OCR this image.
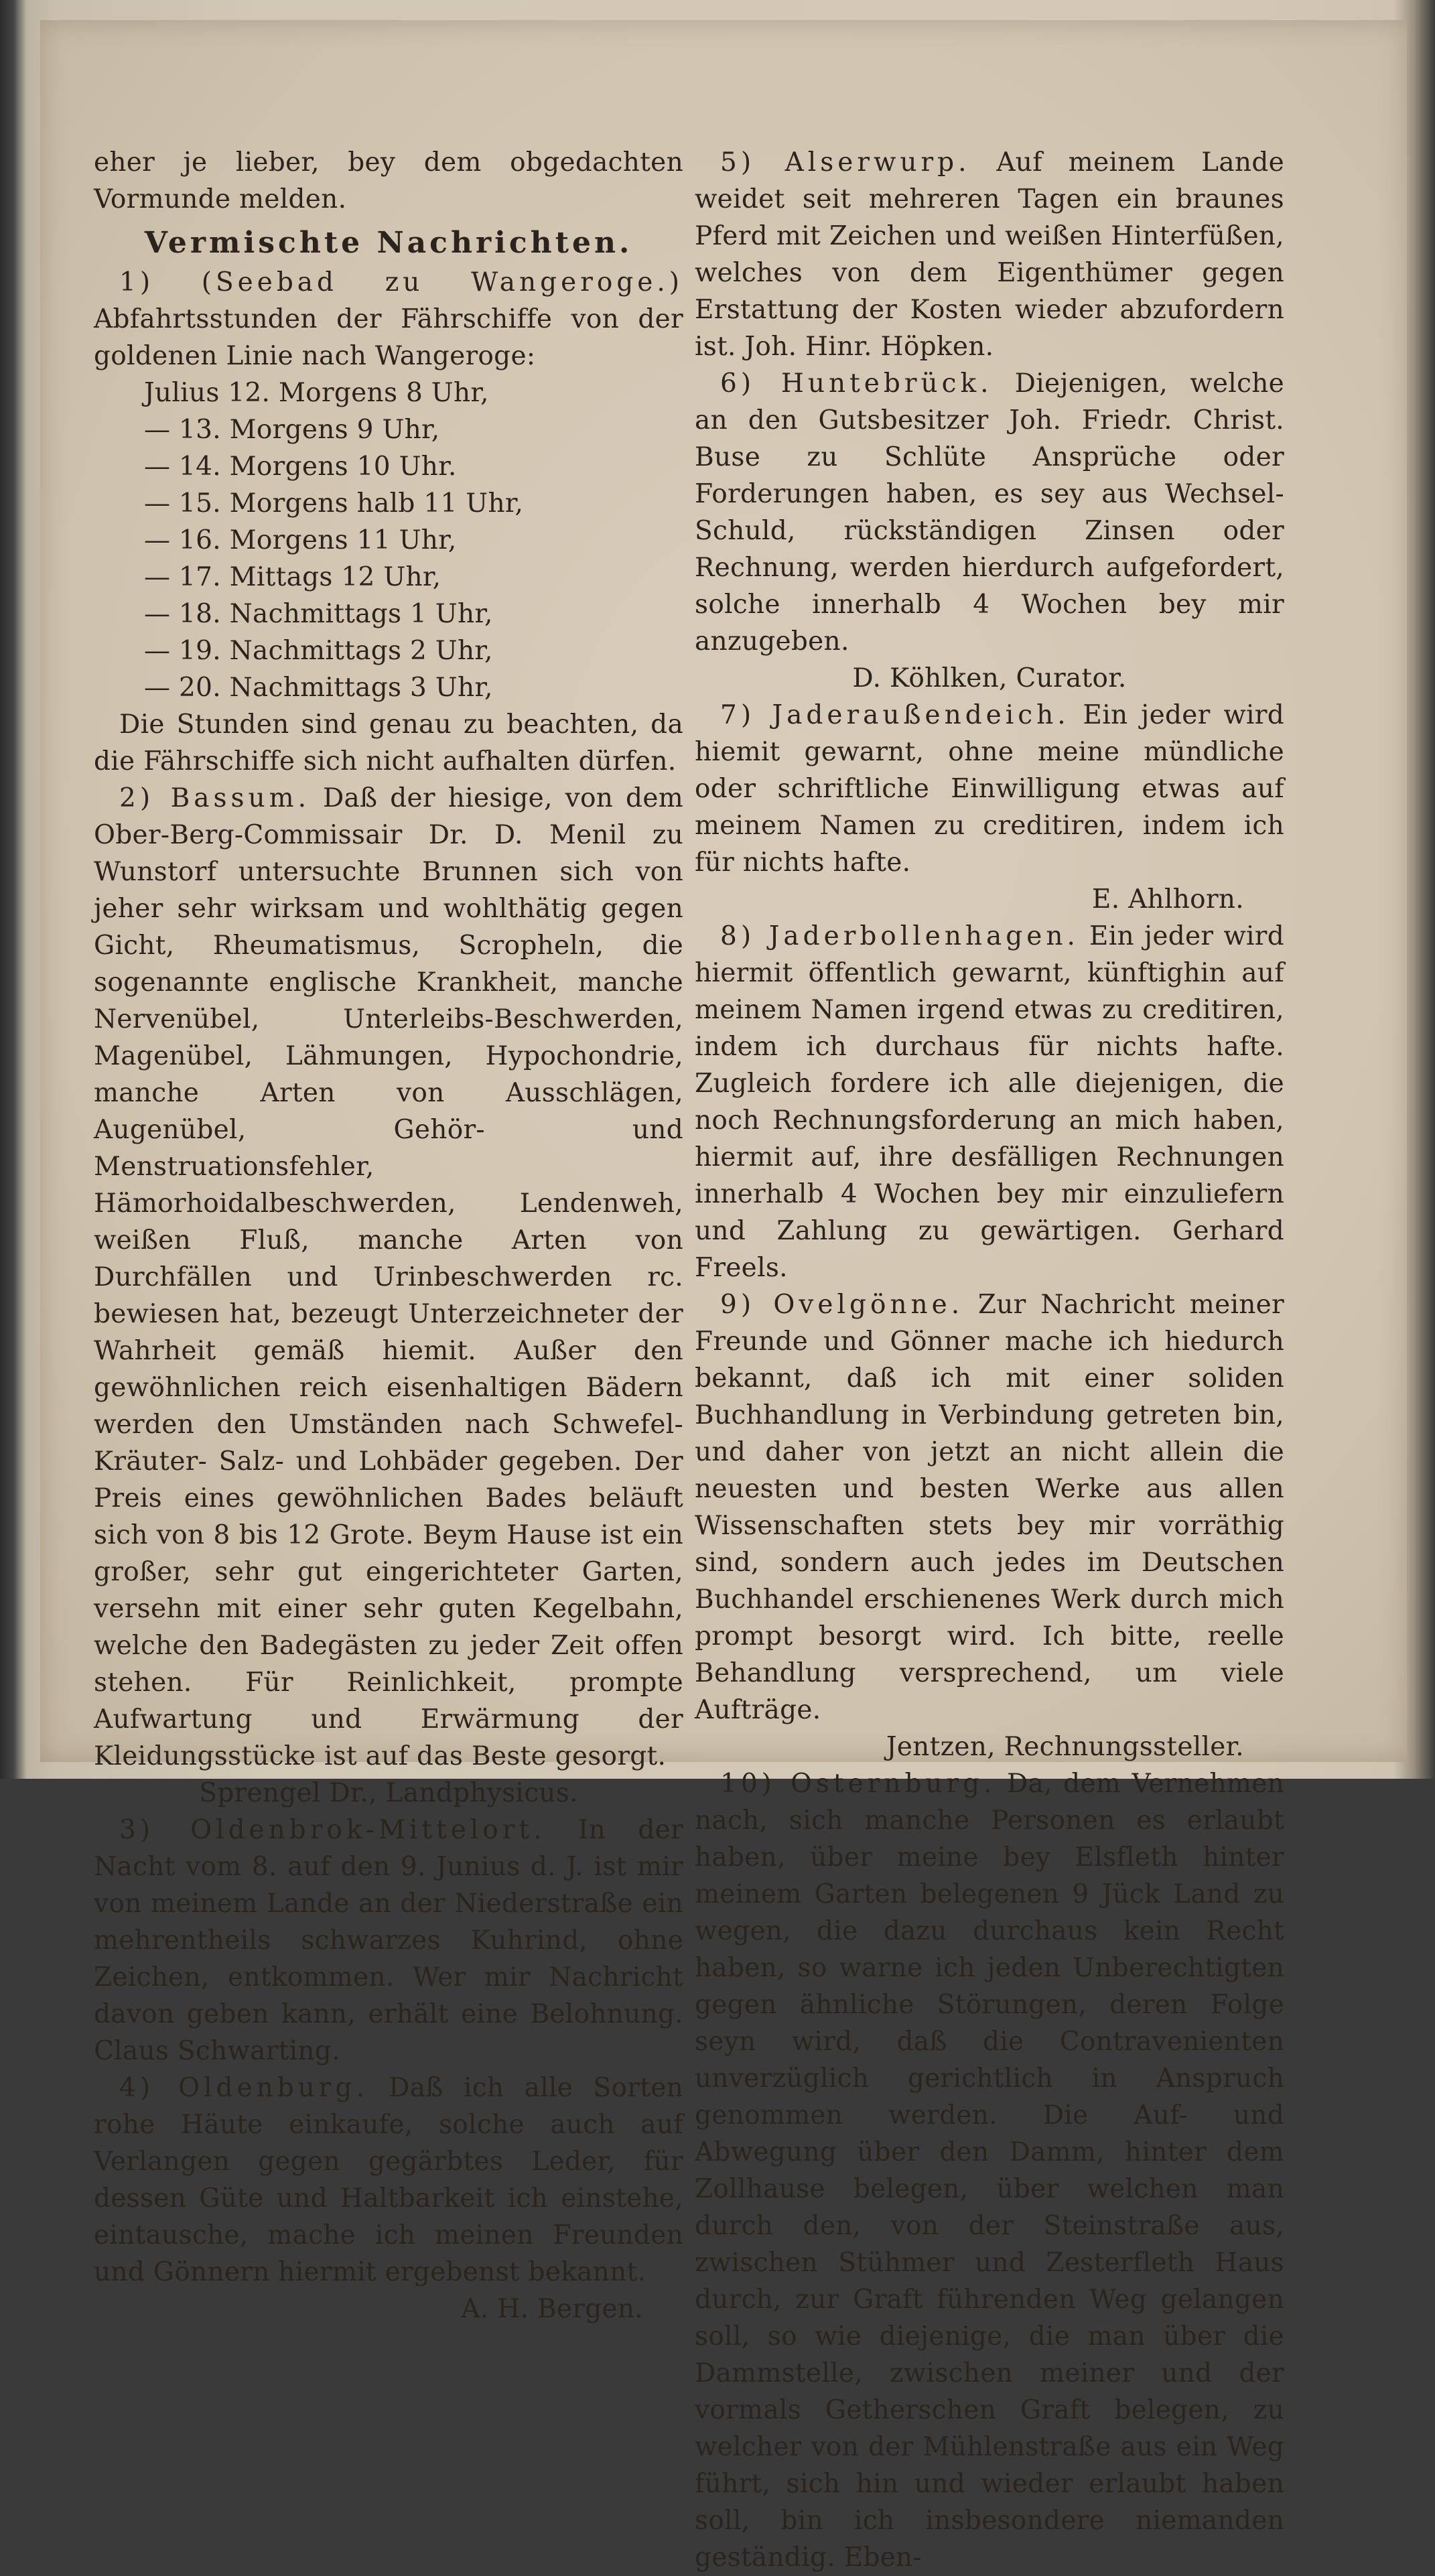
eher je lieber, bey dem obgedachten Vormunde melden.

Vermischte Nachrichten.

1) (Seebad zu Wangeroge.) Abfahrtsstunden der Fährschiffe von der goldenen Linie nach Wangeroge:

Julius 12. Morgens 8 Uhr,
— 13. Morgens 9 Uhr,
— 14. Morgens 10 Uhr.
— 15. Morgens halb 11 Uhr,
— 16. Morgens 11 Uhr,
— 17. Mittags 12 Uhr,
— 18. Nachmittags 1 Uhr,
— 19. Nachmittags 2 Uhr,
— 20. Nachmittags 3 Uhr,

Die Stunden sind genau zu beachten, da die Fährschiffe sich nicht aufhalten dürfen.

2) Bassum. Daß der hiesige, von dem Ober-Berg-Commissair Dr. D. Menil zu Wunstorf untersuchte Brunnen sich von jeher sehr wirksam und wohlthätig gegen Gicht, Rheumatismus, Scropheln, die sogenannte englische Krankheit, manche Nervenübel, Unterleibs-Beschwerden, Magenübel, Lähmungen, Hypochondrie, manche Arten von Ausschlägen, Augenübel, Gehör- und Menstruationsfehler, Hämorhoidalbeschwerden, Lendenweh, weißen Fluß, manche Arten von Durchfällen und Urinbeschwerden rc. bewiesen hat, bezeugt Unterzeichneter der Wahrheit gemäß hiemit. Außer den gewöhnlichen reich eisenhaltigen Bädern werden den Umständen nach Schwefel- Kräuter- Salz- und Lohbäder gegeben. Der Preis eines gewöhnlichen Bades beläuft sich von 8 bis 12 Grote. Beym Hause ist ein großer, sehr gut eingerichteter Garten, versehn mit einer sehr guten Kegelbahn, welche den Badegästen zu jeder Zeit offen stehen. Für Reinlichkeit, prompte Aufwartung und Erwärmung der Kleidungsstücke ist auf das Beste gesorgt.

Sprengel Dr., Landphysicus.

3) Oldenbrok-Mittelort. In der Nacht vom 8. auf den 9. Junius d. J. ist mir von meinem Lande an der Niederstraße ein mehrentheils schwarzes Kuhrind, ohne Zeichen, entkommen. Wer mir Nachricht davon geben kann, erhält eine Belohnung. Claus Schwarting.

4) Oldenburg. Daß ich alle Sorten rohe Häute einkaufe, solche auch auf Verlangen gegen gegärbtes Leder, für dessen Güte und Haltbarkeit ich einstehe, eintausche, mache ich meinen Freunden und Gönnern hiermit ergebenst bekannt.

A. H. Bergen.

5) Alserwurp. Auf meinem Lande weidet seit mehreren Tagen ein braunes Pferd mit Zeichen und weißen Hinterfüßen, welches von dem Eigenthümer gegen Erstattung der Kosten wieder abzufordern ist. Joh. Hinr. Höpken.

6) Huntebrück. Diejenigen, welche an den Gutsbesitzer Joh. Friedr. Christ. Buse zu Schlüte Ansprüche oder Forderungen haben, es sey aus Wechsel-Schuld, rückständigen Zinsen oder Rechnung, werden hierdurch aufgefordert, solche innerhalb 4 Wochen bey mir anzugeben.

D. Köhlken, Curator.

7) Jaderaußendeich. Ein jeder wird hiemit gewarnt, ohne meine mündliche oder schriftliche Einwilligung etwas auf meinem Namen zu creditiren, indem ich für nichts hafte.

E. Ahlhorn.

8) Jaderbollenhagen. Ein jeder wird hiermit öffentlich gewarnt, künftighin auf meinem Namen irgend etwas zu creditiren, indem ich durchaus für nichts hafte. Zugleich fordere ich alle diejenigen, die noch Rechnungsforderung an mich haben, hiermit auf, ihre desfälligen Rechnungen innerhalb 4 Wochen bey mir einzuliefern und Zahlung zu gewärtigen. Gerhard Freels.

9) Ovelgönne. Zur Nachricht meiner Freunde und Gönner mache ich hiedurch bekannt, daß ich mit einer soliden Buchhandlung in Verbindung getreten bin, und daher von jetzt an nicht allein die neuesten und besten Werke aus allen Wissenschaften stets bey mir vorräthig sind, sondern auch jedes im Deutschen Buchhandel erschienenes Werk durch mich prompt besorgt wird. Ich bitte, reelle Behandlung versprechend, um viele Aufträge.

Jentzen, Rechnungssteller.

10) Osternburg. Da, dem Vernehmen nach, sich manche Personen es erlaubt haben, über meine bey Elsfleth hinter meinem Garten belegenen 9 Jück Land zu wegen, die dazu durchaus kein Recht haben, so warne ich jeden Unberechtigten gegen ähnliche Störungen, deren Folge seyn wird, daß die Contravenienten unverzüglich gerichtlich in Anspruch genommen werden. Die Auf- und Abwegung über den Damm, hinter dem Zollhause belegen, über welchen man durch den, von der Steinstraße aus, zwischen Stühmer und Zesterfleth Haus durch, zur Graft führenden Weg gelangen soll, so wie diejenige, die man über die Dammstelle, zwischen meiner und der vormals Getherschen Graft belegen, zu welcher von der Mühlenstraße aus ein Weg führt, sich hin und wieder erlaubt haben soll, bin ich insbesondere niemanden geständig. Eben-
